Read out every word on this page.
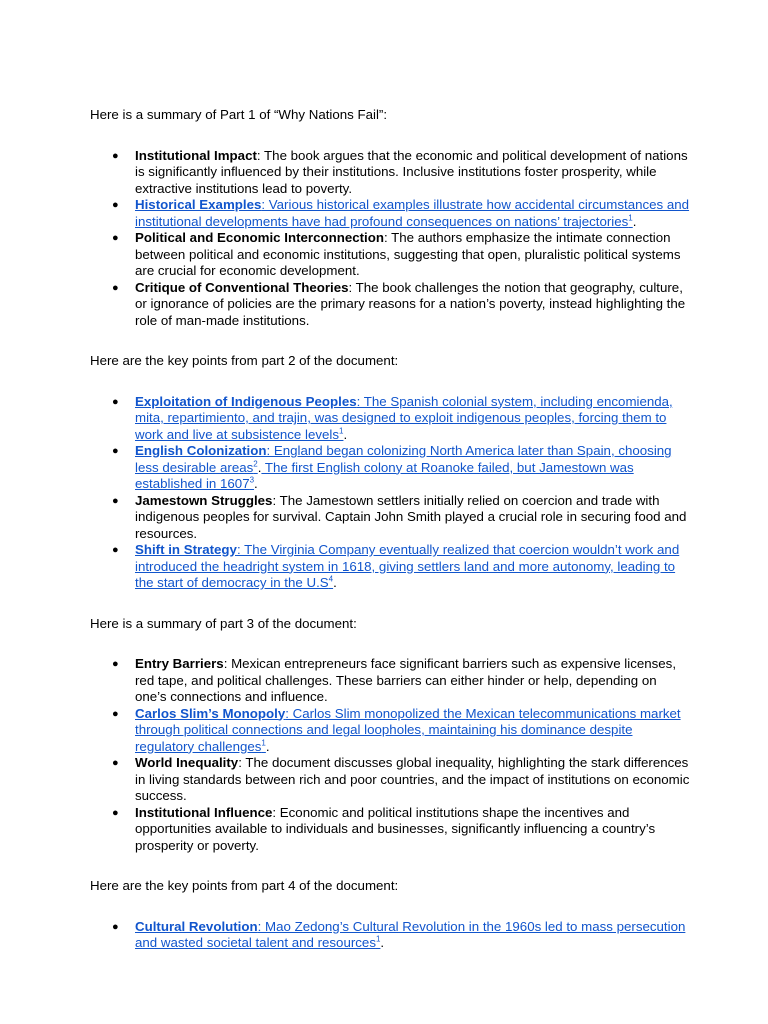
Here is a summary of Part 1 of “Why Nations Fail”:

● Institutional Impact: The book argues that the economic and political development of nations is significantly influenced by their institutions. Inclusive institutions foster prosperity, while extractive institutions lead to poverty.
● Historical Examples: Various historical examples illustrate how accidental circumstances and institutional developments have had profound consequences on nations’ trajectories$^1$.
● Political and Economic Interconnection: The authors emphasize the intimate connection between political and economic institutions, suggesting that open, pluralistic political systems are crucial for economic development.
● Critique of Conventional Theories: The book challenges the notion that geography, culture, or ignorance of policies are the primary reasons for a nation’s poverty, instead highlighting the role of man-made institutions.

Here are the key points from part 2 of the document:

● Exploitation of Indigenous Peoples: The Spanish colonial system, including encomienda, mita, repartimiento, and trajin, was designed to exploit indigenous peoples, forcing them to work and live at subsistence levels$^1$.
● English Colonization: England began colonizing North America later than Spain, choosing less desirable areas$^2$. The first English colony at Roanoke failed, but Jamestown was established in 1607$^3$.
● Jamestown Struggles: The Jamestown settlers initially relied on coercion and trade with indigenous peoples for survival. Captain John Smith played a crucial role in securing food and resources.
● Shift in Strategy: The Virginia Company eventually realized that coercion wouldn’t work and introduced the headright system in 1618, giving settlers land and more autonomy, leading to the start of democracy in the $U.S^4$.

Here is a summary of part 3 of the document:

● Entry Barriers: Mexican entrepreneurs face significant barriers such as expensive licenses, red tape, and political challenges. These barriers can either hinder or help, depending on one’s connections and influence.
● Carlos Slim’s Monopoly: Carlos Slim monopolized the Mexican telecommunications market through political connections and legal loopholes, maintaining his dominance despite regulatory challenges$^1$.
● World Inequality: The document discusses global inequality, highlighting the stark differences in living standards between rich and poor countries, and the impact of institutions on economic success.
● Institutional Influence: Economic and political institutions shape the incentives and opportunities available to individuals and businesses, significantly influencing a country’s prosperity or poverty.

Here are the key points from part 4 of the document:

● Cultural Revolution: Mao Zedong’s Cultural Revolution in the 1960s led to mass persecution and wasted societal talent and resources$^1$.
